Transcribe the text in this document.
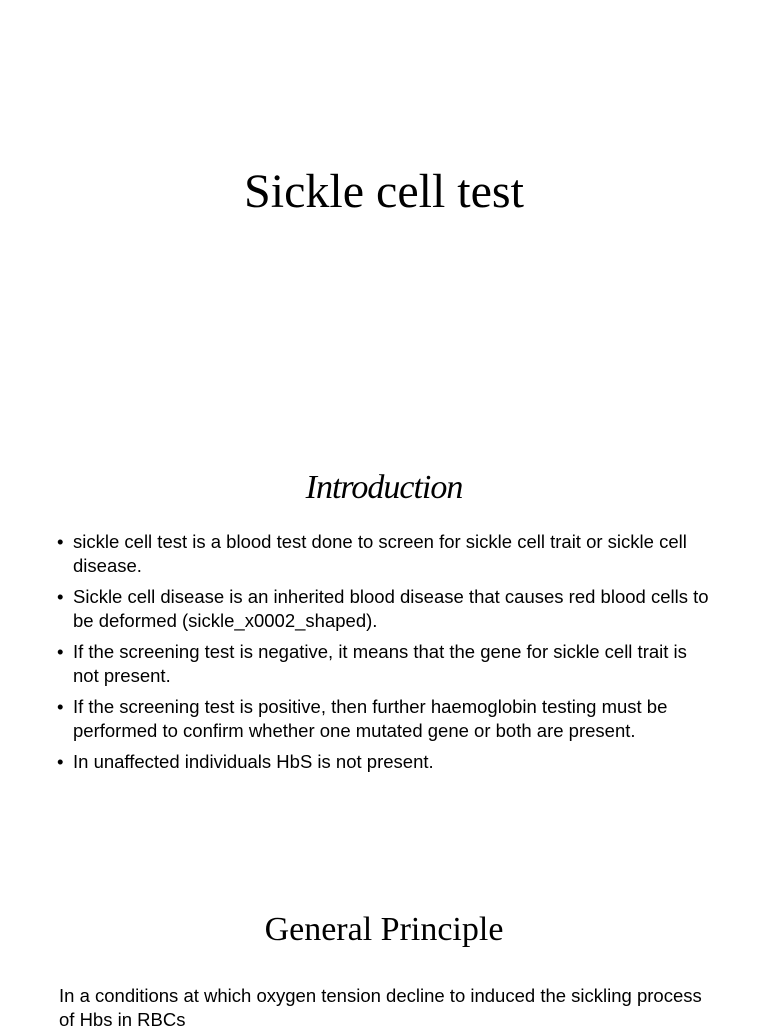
Sickle cell test
Introduction
• sickle cell test is a blood test done to screen for sickle cell trait or sickle cell disease.
• Sickle cell disease is an inherited blood disease that causes red blood cells to be deformed (sickle_x0002_shaped).
• If the screening test is negative, it means that the gene for sickle cell trait is not present.
• If the screening test is positive, then further haemoglobin testing must be performed to confirm whether one mutated gene or both are present.
• In unaffected individuals HbS is not present.
General Principle

In a conditions at which oxygen tension decline to induced the sickling process of Hbs in RBCs
